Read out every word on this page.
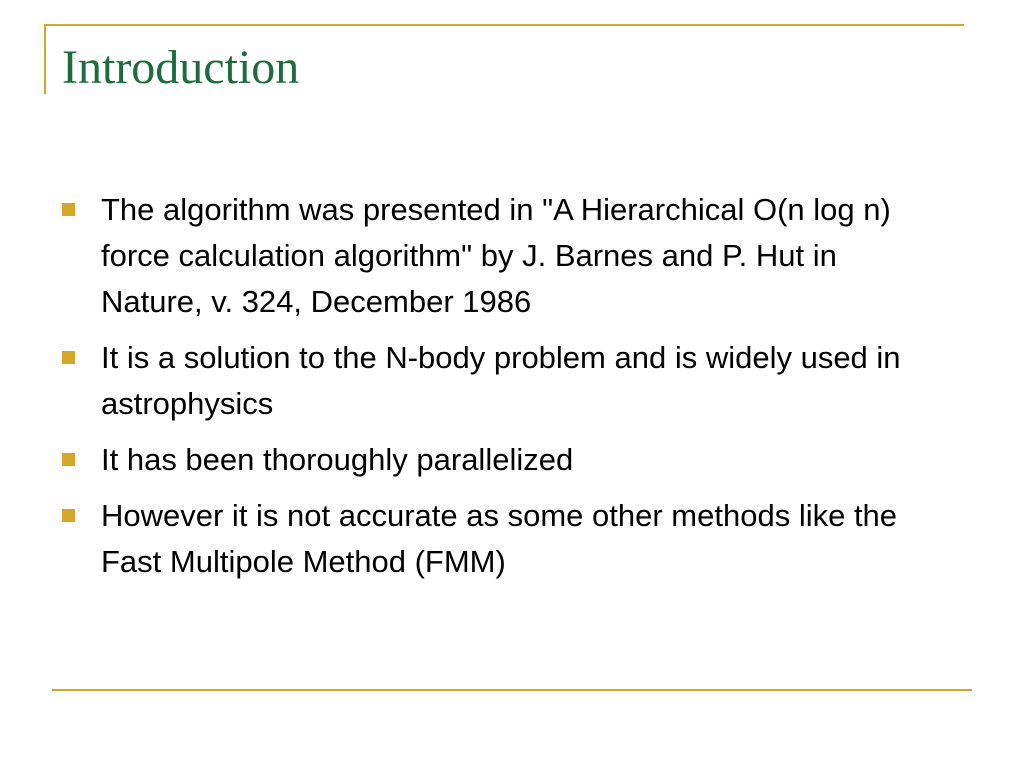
Introduction
The algorithm was presented in "A Hierarchical O(n log n) force calculation algorithm" by J. Barnes and P. Hut in Nature, v. 324, December 1986
It is a solution to the N-body problem and is widely used in astrophysics
It has been thoroughly parallelized
However it is not accurate as some other methods like the Fast Multipole Method (FMM)
